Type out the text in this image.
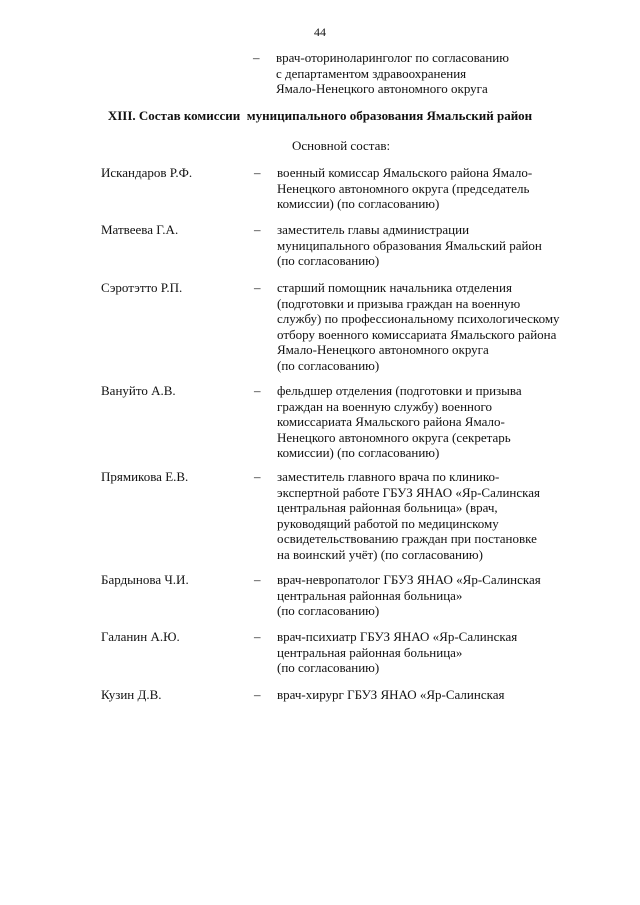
44
– врач-оториноларинголог по согласованию
с департаментом здравоохранения
Ямало-Ненецкого автономного округа
XIII. Состав комиссии  муниципального образования Ямальский район
Основной состав:
Искандаров Р.Ф.	– военный комиссар Ямальского района Ямало-
Ненецкого автономного округа (председатель
комиссии) (по согласованию)
Матвеева Г.А.	– заместитель главы администрации
муниципального образования Ямальский район
(по согласованию)
Сэротэтто Р.П.	– старший помощник начальника отделения
(подготовки и призыва граждан на военную
службу) по профессиональному психологическому
отбору военного комиссариата Ямальского района
Ямало-Ненецкого автономного округа
(по согласованию)
Вануйто А.В.	– фельдшер отделения (подготовки и призыва
граждан на военную службу) военного
комиссариата Ямальского района Ямало-
Ненецкого автономного округа (секретарь
комиссии) (по согласованию)
Прямикова Е.В.	– заместитель главного врача по клинико-
экспертной работе ГБУЗ ЯНАО «Яр-Салинская
центральная районная больница» (врач,
руководящий работой по медицинскому
освидетельствованию граждан при постановке
на воинский учёт) (по согласованию)
Бардынова Ч.И.	– врач-невропатолог ГБУЗ ЯНАО «Яр-Салинская
центральная районная больница»
(по согласованию)
Галанин А.Ю.	– врач-психиатр ГБУЗ ЯНАО «Яр-Салинская
центральная районная больница»
(по согласованию)
Кузин Д.В.	– врач-хирург ГБУЗ ЯНАО «Яр-Салинская
